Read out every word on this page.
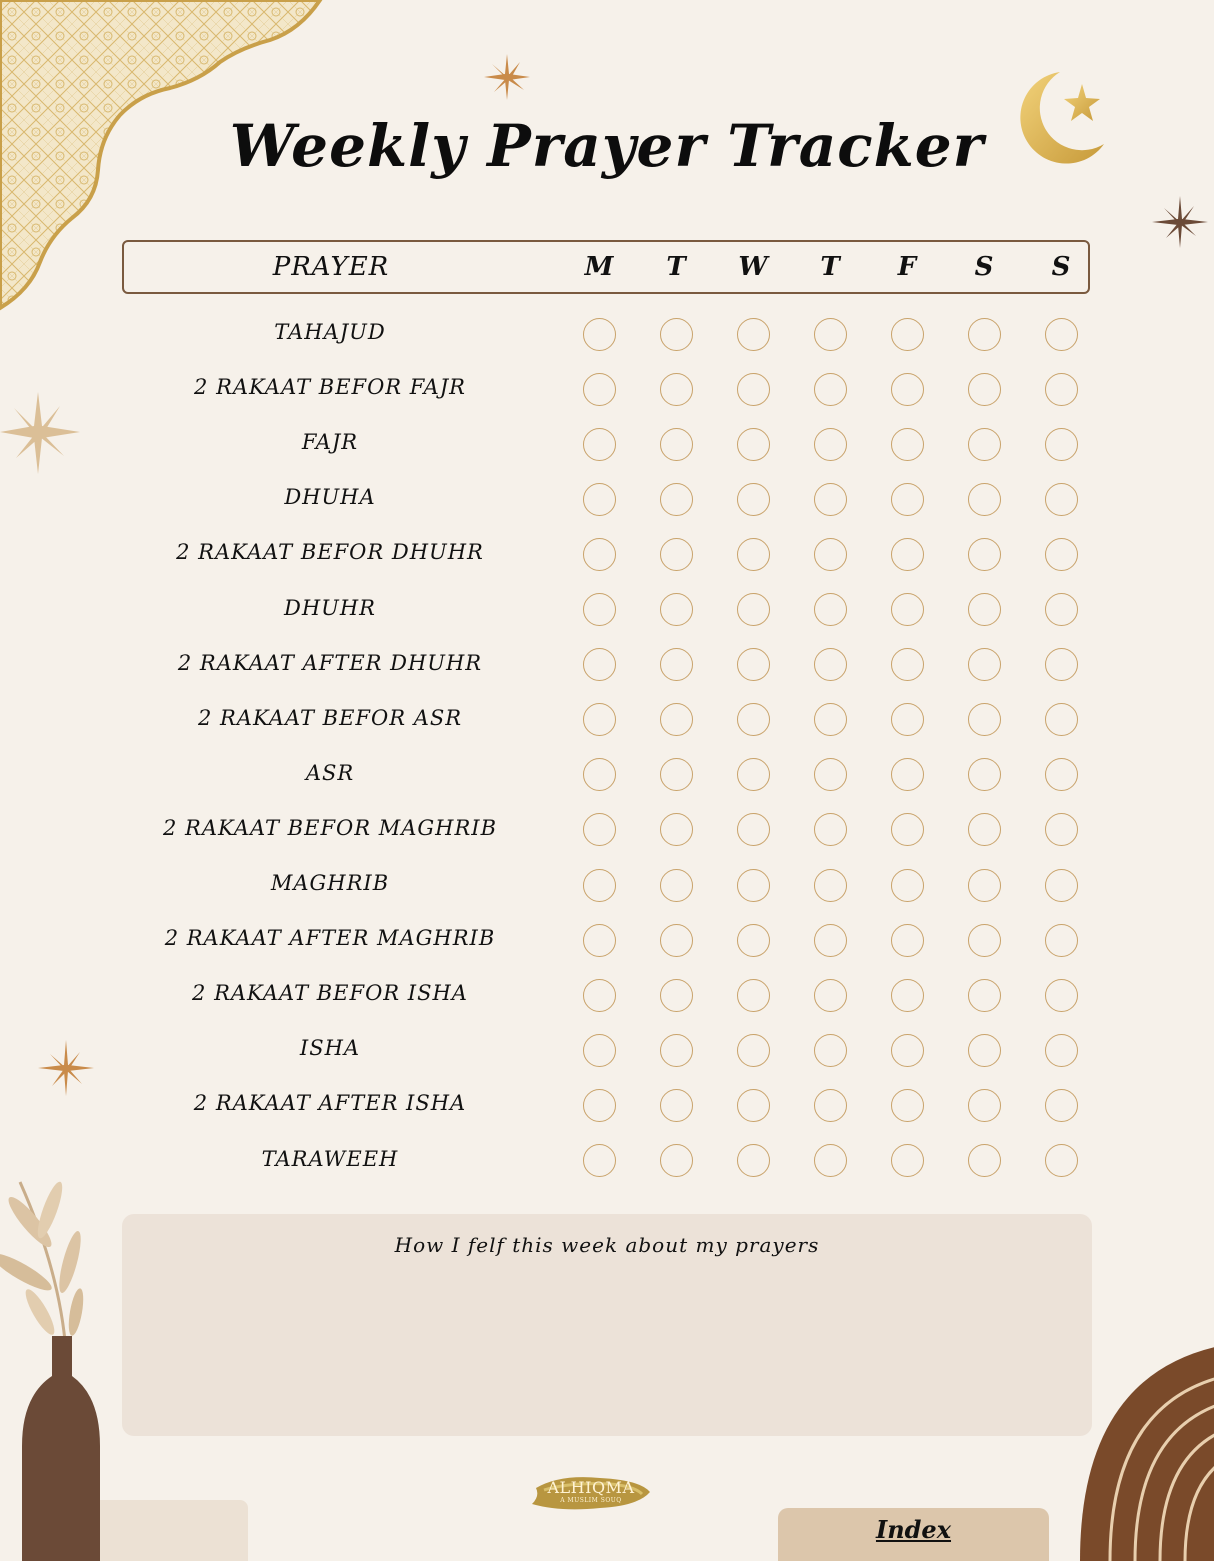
Weekly Prayer Tracker
PRAYER	M	T	W	T	F	S	S
TAHAJUD
2 RAKAAT BEFOR FAJR
FAJR
DHUHA
2 RAKAAT BEFOR DHUHR
DHUHR
2 RAKAAT AFTER DHUHR
2 RAKAAT BEFOR ASR
ASR
2 RAKAAT BEFOR MAGHRIB
MAGHRIB
2 RAKAAT AFTER MAGHRIB
2 RAKAAT BEFOR ISHA
ISHA
2 RAKAAT AFTER ISHA
TARAWEEH
How I felf this week about my prayers
ALHIQMA
A MUSLIM SOUQ
Index
